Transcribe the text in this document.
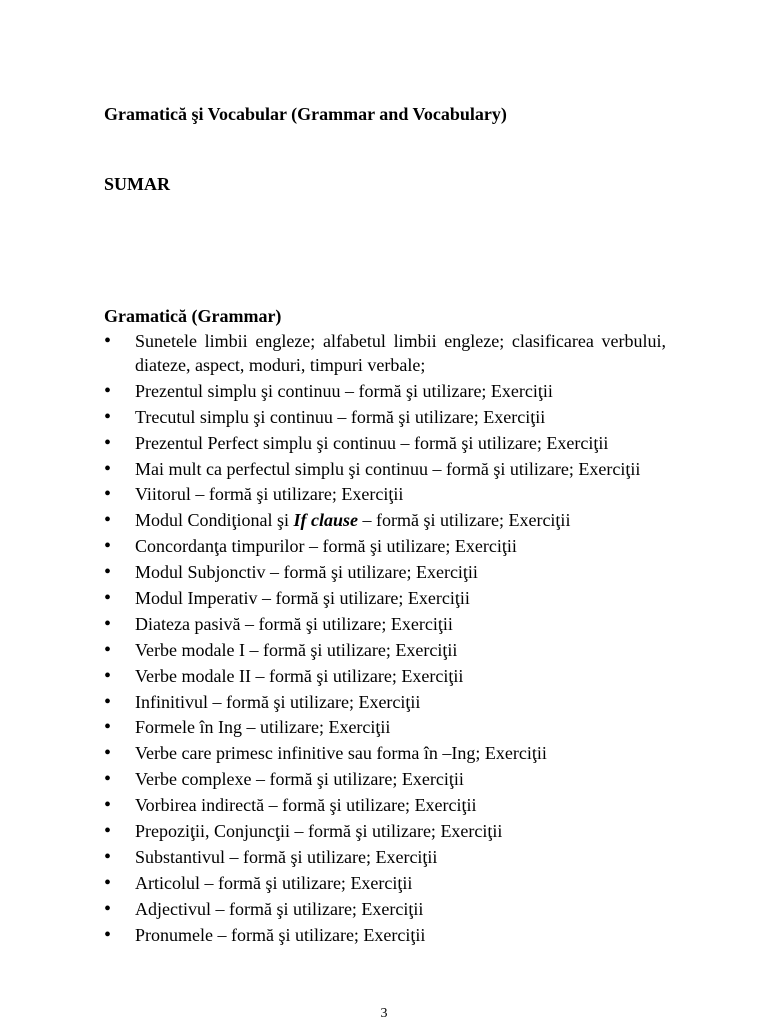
Gramatică şi Vocabular (Grammar and Vocabulary)
SUMAR
Gramatică (Grammar)
• Sunetele limbii engleze; alfabetul limbii engleze; clasificarea verbului, diateze, aspect, moduri, timpuri verbale;
• Prezentul simplu şi continuu – formă şi utilizare; Exerciţii
• Trecutul simplu şi continuu – formă şi utilizare; Exerciţii
• Prezentul Perfect simplu şi continuu – formă şi utilizare; Exerciţii
• Mai mult ca perfectul simplu şi continuu – formă şi utilizare; Exerciţii
• Viitorul – formă şi utilizare; Exerciţii
• Modul Condiţional şi If clause – formă şi utilizare; Exerciţii
• Concordanţa timpurilor – formă şi utilizare; Exerciţii
• Modul Subjonctiv – formă şi utilizare; Exerciţii
• Modul Imperativ – formă şi utilizare; Exerciţii
• Diateza pasivă – formă şi utilizare; Exerciţii
• Verbe modale I – formă şi utilizare; Exerciţii
• Verbe modale II – formă şi utilizare; Exerciţii
• Infinitivul – formă şi utilizare; Exerciţii
• Formele în Ing – utilizare; Exerciţii
• Verbe care primesc infinitive sau forma în –Ing; Exerciţii
• Verbe complexe – formă şi utilizare; Exerciţii
• Vorbirea indirectă – formă şi utilizare; Exerciţii
• Prepoziţii, Conjuncţii – formă şi utilizare; Exerciţii
• Substantivul – formă şi utilizare; Exerciţii
• Articolul – formă şi utilizare; Exerciţii
• Adjectivul – formă şi utilizare; Exerciţii
• Pronumele – formă şi utilizare; Exerciţii
3
